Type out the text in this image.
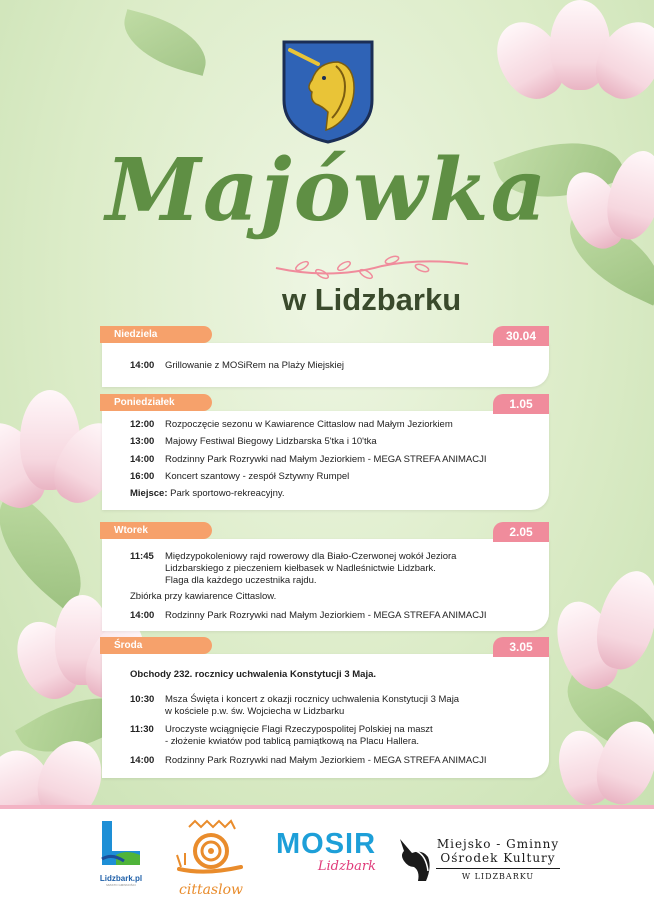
Majówka
w Lidzbarku
Niedziela	30.04
14:00 Grillowanie z MOSiRem na Plaży Miejskiej
Poniedziałek	1.05
12:00 Rozpoczęcie sezonu w Kawiarence Cittaslow nad Małym Jeziorkiem
13:00 Majowy Festiwal Biegowy Lidzbarska 5'tka i 10'tka
14:00 Rodzinny Park Rozrywki nad Małym Jeziorkiem - MEGA STREFA ANIMACJI
16:00 Koncert szantowy - zespół Sztywny Rumpel
Miejsce: Park sportowo-rekreacyjny.
Wtorek	2.05
11:45 Międzypokoleniowy rajd rowerowy dla Biało-Czerwonej wokół Jeziora
Lidzbarskiego z pieczeniem kiełbasek w Nadleśnictwie Lidzbark.
Flaga dla każdego uczestnika rajdu.
Zbiórka przy kawiarence Cittaslow.
14:00 Rodzinny Park Rozrywki nad Małym Jeziorkiem - MEGA STREFA ANIMACJI
Środa	3.05
Obchody 232. rocznicy uchwalenia Konstytucji 3 Maja.
10:30 Msza Święta i koncert z okazji rocznicy uchwalenia Konstytucji 3 Maja
w kościele p.w. św. Wojciecha w Lidzbarku
11:30 Uroczyste wciągnięcie Flagi Rzeczypospolitej Polskiej na maszt
- złożenie kwiatów pod tablicą pamiątkową na Placu Hallera.
14:00 Rodzinny Park Rozrywki nad Małym Jeziorkiem - MEGA STREFA ANIMACJI
Lidzbark.pl
MIASTO GMINNOŚCI	cittaslow
MOSIR
Lidzbark
Miejsko - Gminny
Ośrodek Kultury
W LIDZBARKU
